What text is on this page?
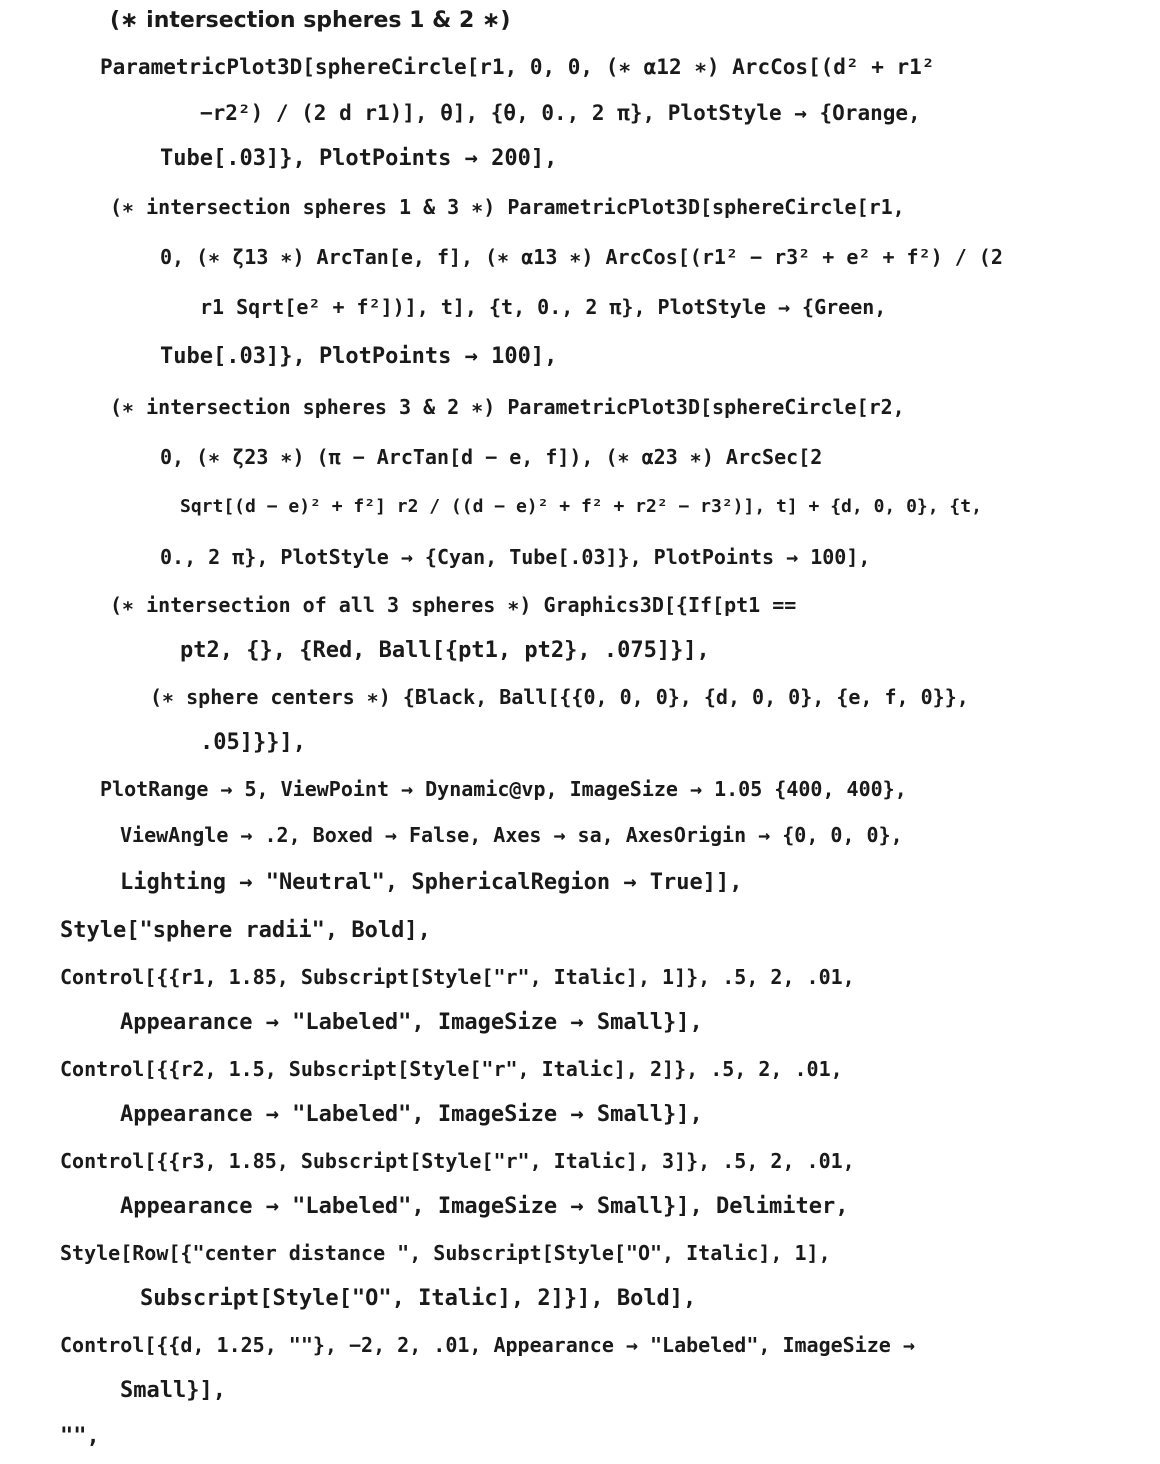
(∗ intersection spheres 1 & 2 ∗)
ParametricPlot3D[sphereCircle[r1, 0, 0, (∗ α12 ∗) ArcCos[(d² + r1²
−r2²) / (2 d r1)], θ], {θ, 0., 2 π}, PlotStyle → {Orange,
Tube[.03]}, PlotPoints → 200],
(∗ intersection spheres 1 & 3 ∗) ParametricPlot3D[sphereCircle[r1,
0, (∗ ζ13 ∗) ArcTan[e, f], (∗ α13 ∗) ArcCos[(r1² − r3² + e² + f²) / (2
r1 Sqrt[e² + f²])], t], {t, 0., 2 π}, PlotStyle → {Green,
Tube[.03]}, PlotPoints → 100],
(∗ intersection spheres 3 & 2 ∗) ParametricPlot3D[sphereCircle[r2,
0, (∗ ζ23 ∗) (π − ArcTan[d − e, f]), (∗ α23 ∗) ArcSec[2
Sqrt[(d − e)² + f²] r2 / ((d − e)² + f² + r2² − r3²)], t] + {d, 0, 0}, {t,
0., 2 π}, PlotStyle → {Cyan, Tube[.03]}, PlotPoints → 100],
(∗ intersection of all 3 spheres ∗) Graphics3D[{If[pt1 ==
pt2, {}, {Red, Ball[{pt1, pt2}, .075]}],
(∗ sphere centers ∗) {Black, Ball[{{0, 0, 0}, {d, 0, 0}, {e, f, 0}},
.05]}}],
PlotRange → 5, ViewPoint → Dynamic@vp, ImageSize → 1.05 {400, 400},
ViewAngle → .2, Boxed → False, Axes → sa, AxesOrigin → {0, 0, 0},
Lighting → "Neutral", SphericalRegion → True]],
Style["sphere radii", Bold],
Control[{{r1, 1.85, Subscript[Style["r", Italic], 1]}, .5, 2, .01,
Appearance → "Labeled", ImageSize → Small}],
Control[{{r2, 1.5, Subscript[Style["r", Italic], 2]}, .5, 2, .01,
Appearance → "Labeled", ImageSize → Small}],
Control[{{r3, 1.85, Subscript[Style["r", Italic], 3]}, .5, 2, .01,
Appearance → "Labeled", ImageSize → Small}], Delimiter,
Style[Row[{"center distance ", Subscript[Style["O", Italic], 1],
Subscript[Style["O", Italic], 2]}], Bold],
Control[{{d, 1.25, ""}, −2, 2, .01, Appearance → "Labeled", ImageSize →
Small}],
"",
